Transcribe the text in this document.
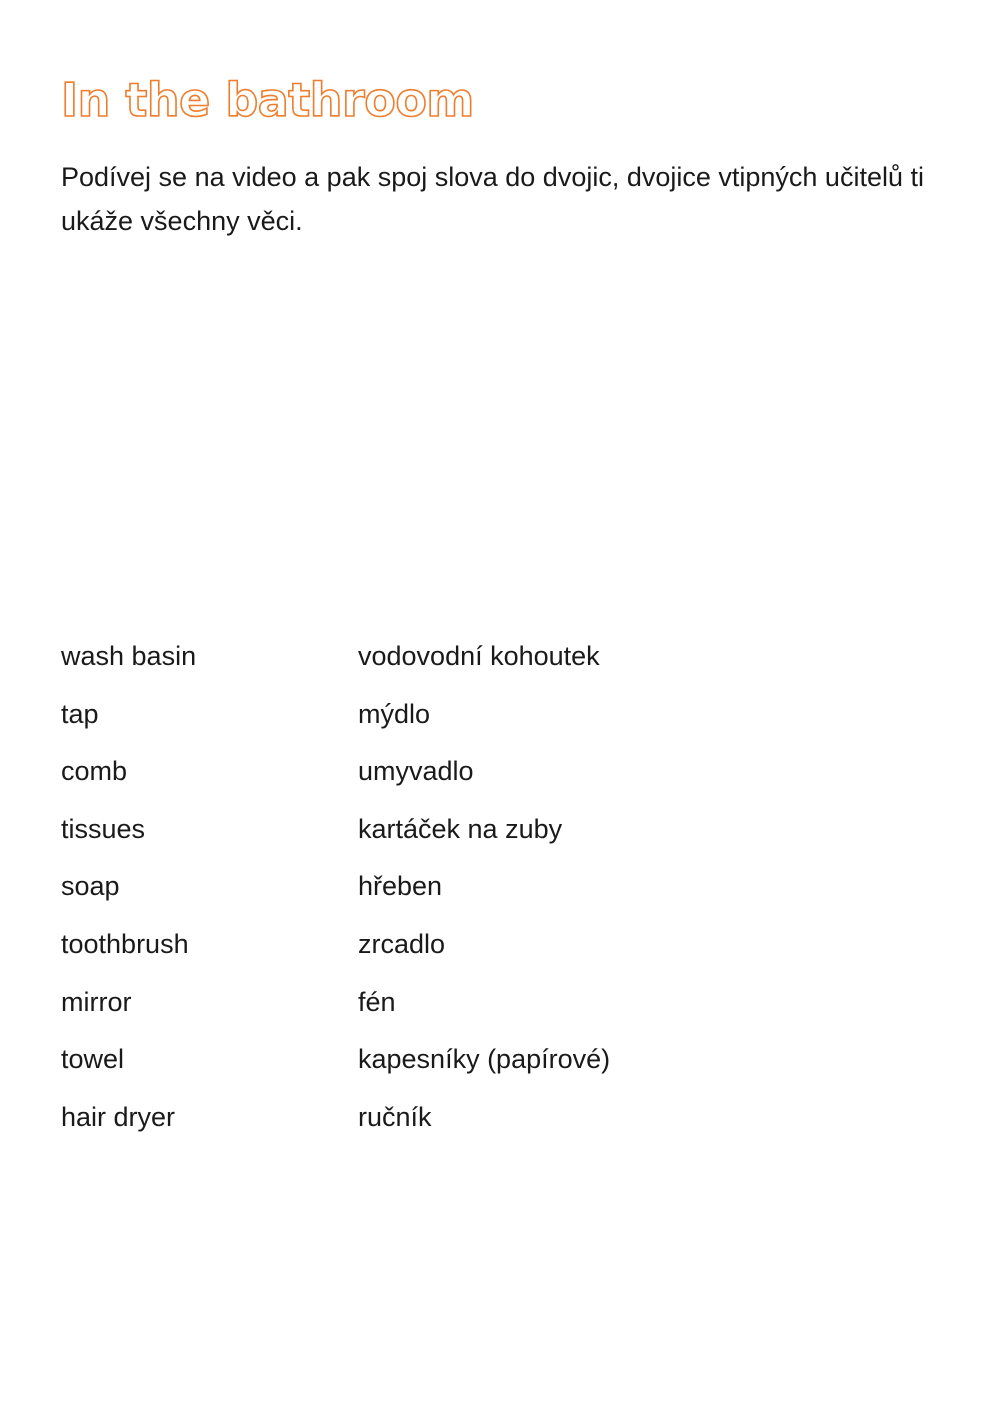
In the bathroom

Podívej se na video a pak spoj slova do dvojic, dvojice vtipných učitelů ti ukáže všechny věci.

wash basin	vodovodní kohoutek
tap	mýdlo
comb	umyvadlo
tissues	kartáček na zuby
soap	hřeben
toothbrush	zrcadlo
mirror	fén
towel	kapesníky (papírové)
hair dryer	ručník
